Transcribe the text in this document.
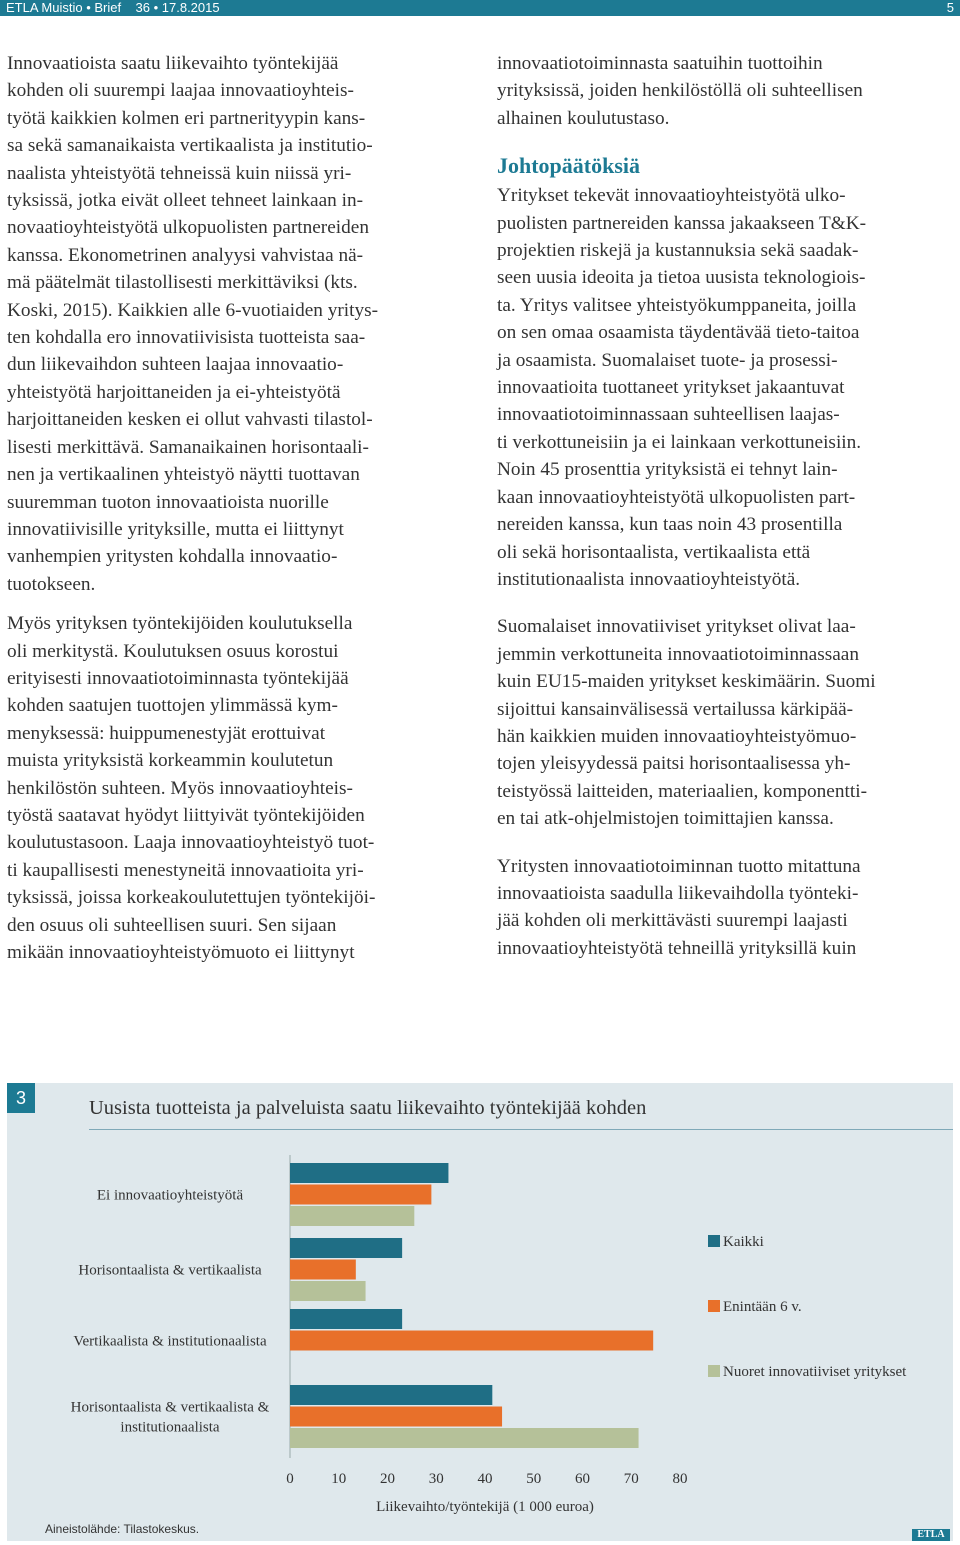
ETLA Muistio • Brief    36 • 17.8.2015	5

Innovaatioista saatu liikevaihto työntekijää
kohden oli suurempi laajaa innovaatioyhteis-
työtä kaikkien kolmen eri partnerityypin kans-
sa sekä samanaikaista vertikaalista ja institutio-
naalista yhteistyötä tehneissä kuin niissä yri-
tyksissä, jotka eivät olleet tehneet lainkaan in-
novaatioyhteistyötä ulkopuolisten partnereiden
kanssa. Ekonometrinen analyysi vahvistaa nä-
mä päätelmät tilastollisesti merkittäviksi (kts.
Koski, 2015). Kaikkien alle 6-vuotiaiden yritys-
ten kohdalla ero innovatiivisista tuotteista saa-
dun liikevaihdon suhteen laajaa innovaatio-
yhteistyötä harjoittaneiden ja ei-yhteistyötä
harjoittaneiden kesken ei ollut vahvasti tilastol-
lisesti merkittävä. Samanaikainen horisontaali-
nen ja vertikaalinen yhteistyö näytti tuottavan
suuremman tuoton innovaatioista nuorille
innovatiivisille yrityksille, mutta ei liittynyt
vanhempien yritysten kohdalla innovaatio-
tuotokseen.

Myös yrityksen työntekijöiden koulutuksella
oli merkitystä. Koulutuksen osuus korostui
erityisesti innovaatiotoiminnasta työntekijää
kohden saatujen tuottojen ylimmässä kym-
menyksessä: huippumenestyjät erottuivat
muista yrityksistä korkeammin koulutetun
henkilöstön suhteen. Myös innovaatioyhteis-
työstä saatavat hyödyt liittyivät työntekijöiden
koulutustasoon. Laaja innovaatioyhteistyö tuot-
ti kaupallisesti menestyneitä innovaatioita yri-
tyksissä, joissa korkeakoulutettujen työntekijöi-
den osuus oli suhteellisen suuri. Sen sijaan
mikään innovaatioyhteistyömuoto ei liittynyt

innovaatiotoiminnasta saatuihin tuottoihin
yrityksissä, joiden henkilöstöllä oli suhteellisen
alhainen koulutustaso.

Johtopäätöksiä

Yritykset tekevät innovaatioyhteistyötä ulko-
puolisten partnereiden kanssa jakaakseen T&K-
projektien riskejä ja kustannuksia sekä saadak-
seen uusia ideoita ja tietoa uusista teknologiois-
ta. Yritys valitsee yhteistyökumppaneita, joilla
on sen omaa osaamista täydentävää tieto-taitoa
ja osaamista. Suomalaiset tuote- ja prosessi-
innovaatioita tuottaneet yritykset jakaantuvat
innovaatiotoiminnassaan suhteellisen laajas-
ti verkottuneisiin ja ei lainkaan verkottuneisiin.
Noin 45 prosenttia yrityksistä ei tehnyt lain-
kaan innovaatioyhteistyötä ulkopuolisten part-
nereiden kanssa, kun taas noin 43 prosentilla
oli sekä horisontaalista, vertikaalista että
institutionaalista innovaatioyhteistyötä.

Suomalaiset innovatiiviset yritykset olivat laa-
jemmin verkottuneita innovaatiotoiminnassaan
kuin EU15-maiden yritykset keskimäärin. Suomi
sijoittui kansainvälisessä vertailussa kärkipää-
hän kaikkien muiden innovaatioyhteistyömuo-
tojen yleisyydessä paitsi horisontaalisessa yh-
teistyössä laitteiden, materiaalien, komponentti-
en tai atk-ohjelmistojen toimittajien kanssa.

Yritysten innovaatiotoiminnan tuotto mitattuna
innovaatioista saadulla liikevaihdolla työnteki-
jää kohden oli merkittävästi suurempi laajasti
innovaatioyhteistyötä tehneillä yrityksillä kuin

3	Uusista tuotteista ja palveluista saatu liikevaihto työntekijää kohden
Ei innovaatioyhteistyötä
Horisontaalista & vertikaalista
Vertikaalista & institutionaalista
Horisontaalista & vertikaalista &
institutionaalista
0	10 20 30 40 50 60 70 80
Liikevaihto/työntekijä (1 000 euroa)
Kaikki
Enintään 6 v.
Nuoret innovatiiviset yritykset
Aineistolähde: Tilastokeskus.	ETLA
